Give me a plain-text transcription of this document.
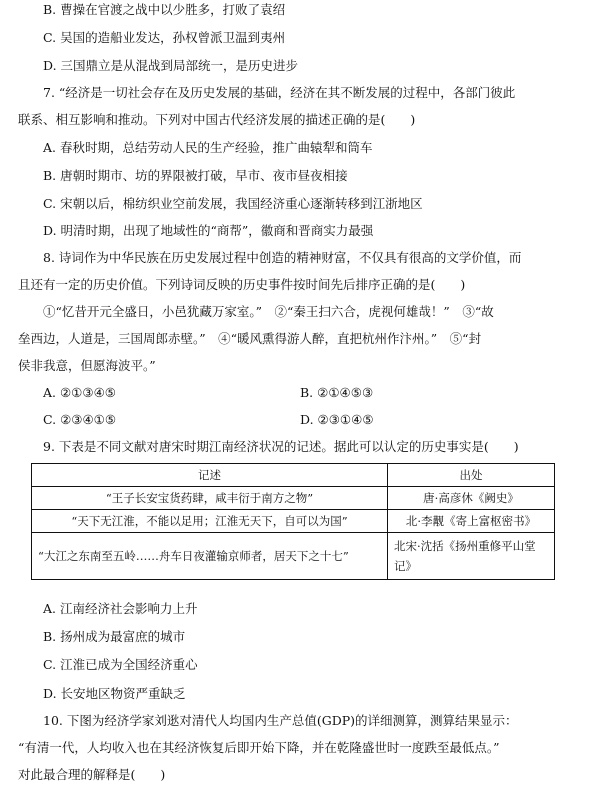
B. 曹操在官渡之战中以少胜多，打败了袁绍
C. 吴国的造船业发达，孙权曾派卫温到夷州
D. 三国鼎立是从混战到局部统一，是历史进步
7. “经济是一切社会存在及历史发展的基础，经济在其不断发展的过程中，各部门彼此
联系、相互影响和推动。下列对中国古代经济发展的描述正确的是(　　)
A. 春秋时期，总结劳动人民的生产经验，推广曲辕犁和筒车
B. 唐朝时期市、坊的界限被打破，早市、夜市昼夜相接
C. 宋朝以后，棉纺织业空前发展，我国经济重心逐渐转移到江浙地区
D. 明清时期，出现了地域性的“商帮”，徽商和晋商实力最强
8. 诗词作为中华民族在历史发展过程中创造的精神财富，不仅具有很高的文学价值，而
且还有一定的历史价值。下列诗词反映的历史事件按时间先后排序正确的是(　　)
①“忆昔开元全盛日，小邑犹藏万家室。”　②“秦王扫六合，虎视何雄哉！”　③“故
垒西边，人道是，三国周郎赤壁。”　④“暖风熏得游人醉，直把杭州作汴州。”　⑤“封
侯非我意，但愿海波平。”
A. ②①③④⑤	B. ②①④⑤③
C. ②③④①⑤	D. ②③①④⑤
9. 下表是不同文献对唐宋时期江南经济状况的记述。据此可以认定的历史事实是(　　)
记述	出处
“王子长安宝货药肆，咸丰衍于南方之物”	唐·高彦休《阙史》
“天下无江淮，不能以足用；江淮无天下，自可以为国”	北·李觏《寄上富枢密书》
“大江之东南至五岭……舟车日夜灌输京师者，居天下之十七”	北宋·沈括《扬州重修平山堂记》
A. 江南经济社会影响力上升
B. 扬州成为最富庶的城市
C. 江淮已成为全国经济重心
D. 长安地区物资严重缺乏
10. 下图为经济学家刘逖对清代人均国内生产总值(GDP)的详细测算，测算结果显示：
“有清一代，人均收入也在其经济恢复后即开始下降，并在乾隆盛世时一度跌至最低点。”
对此最合理的解释是(　　)
